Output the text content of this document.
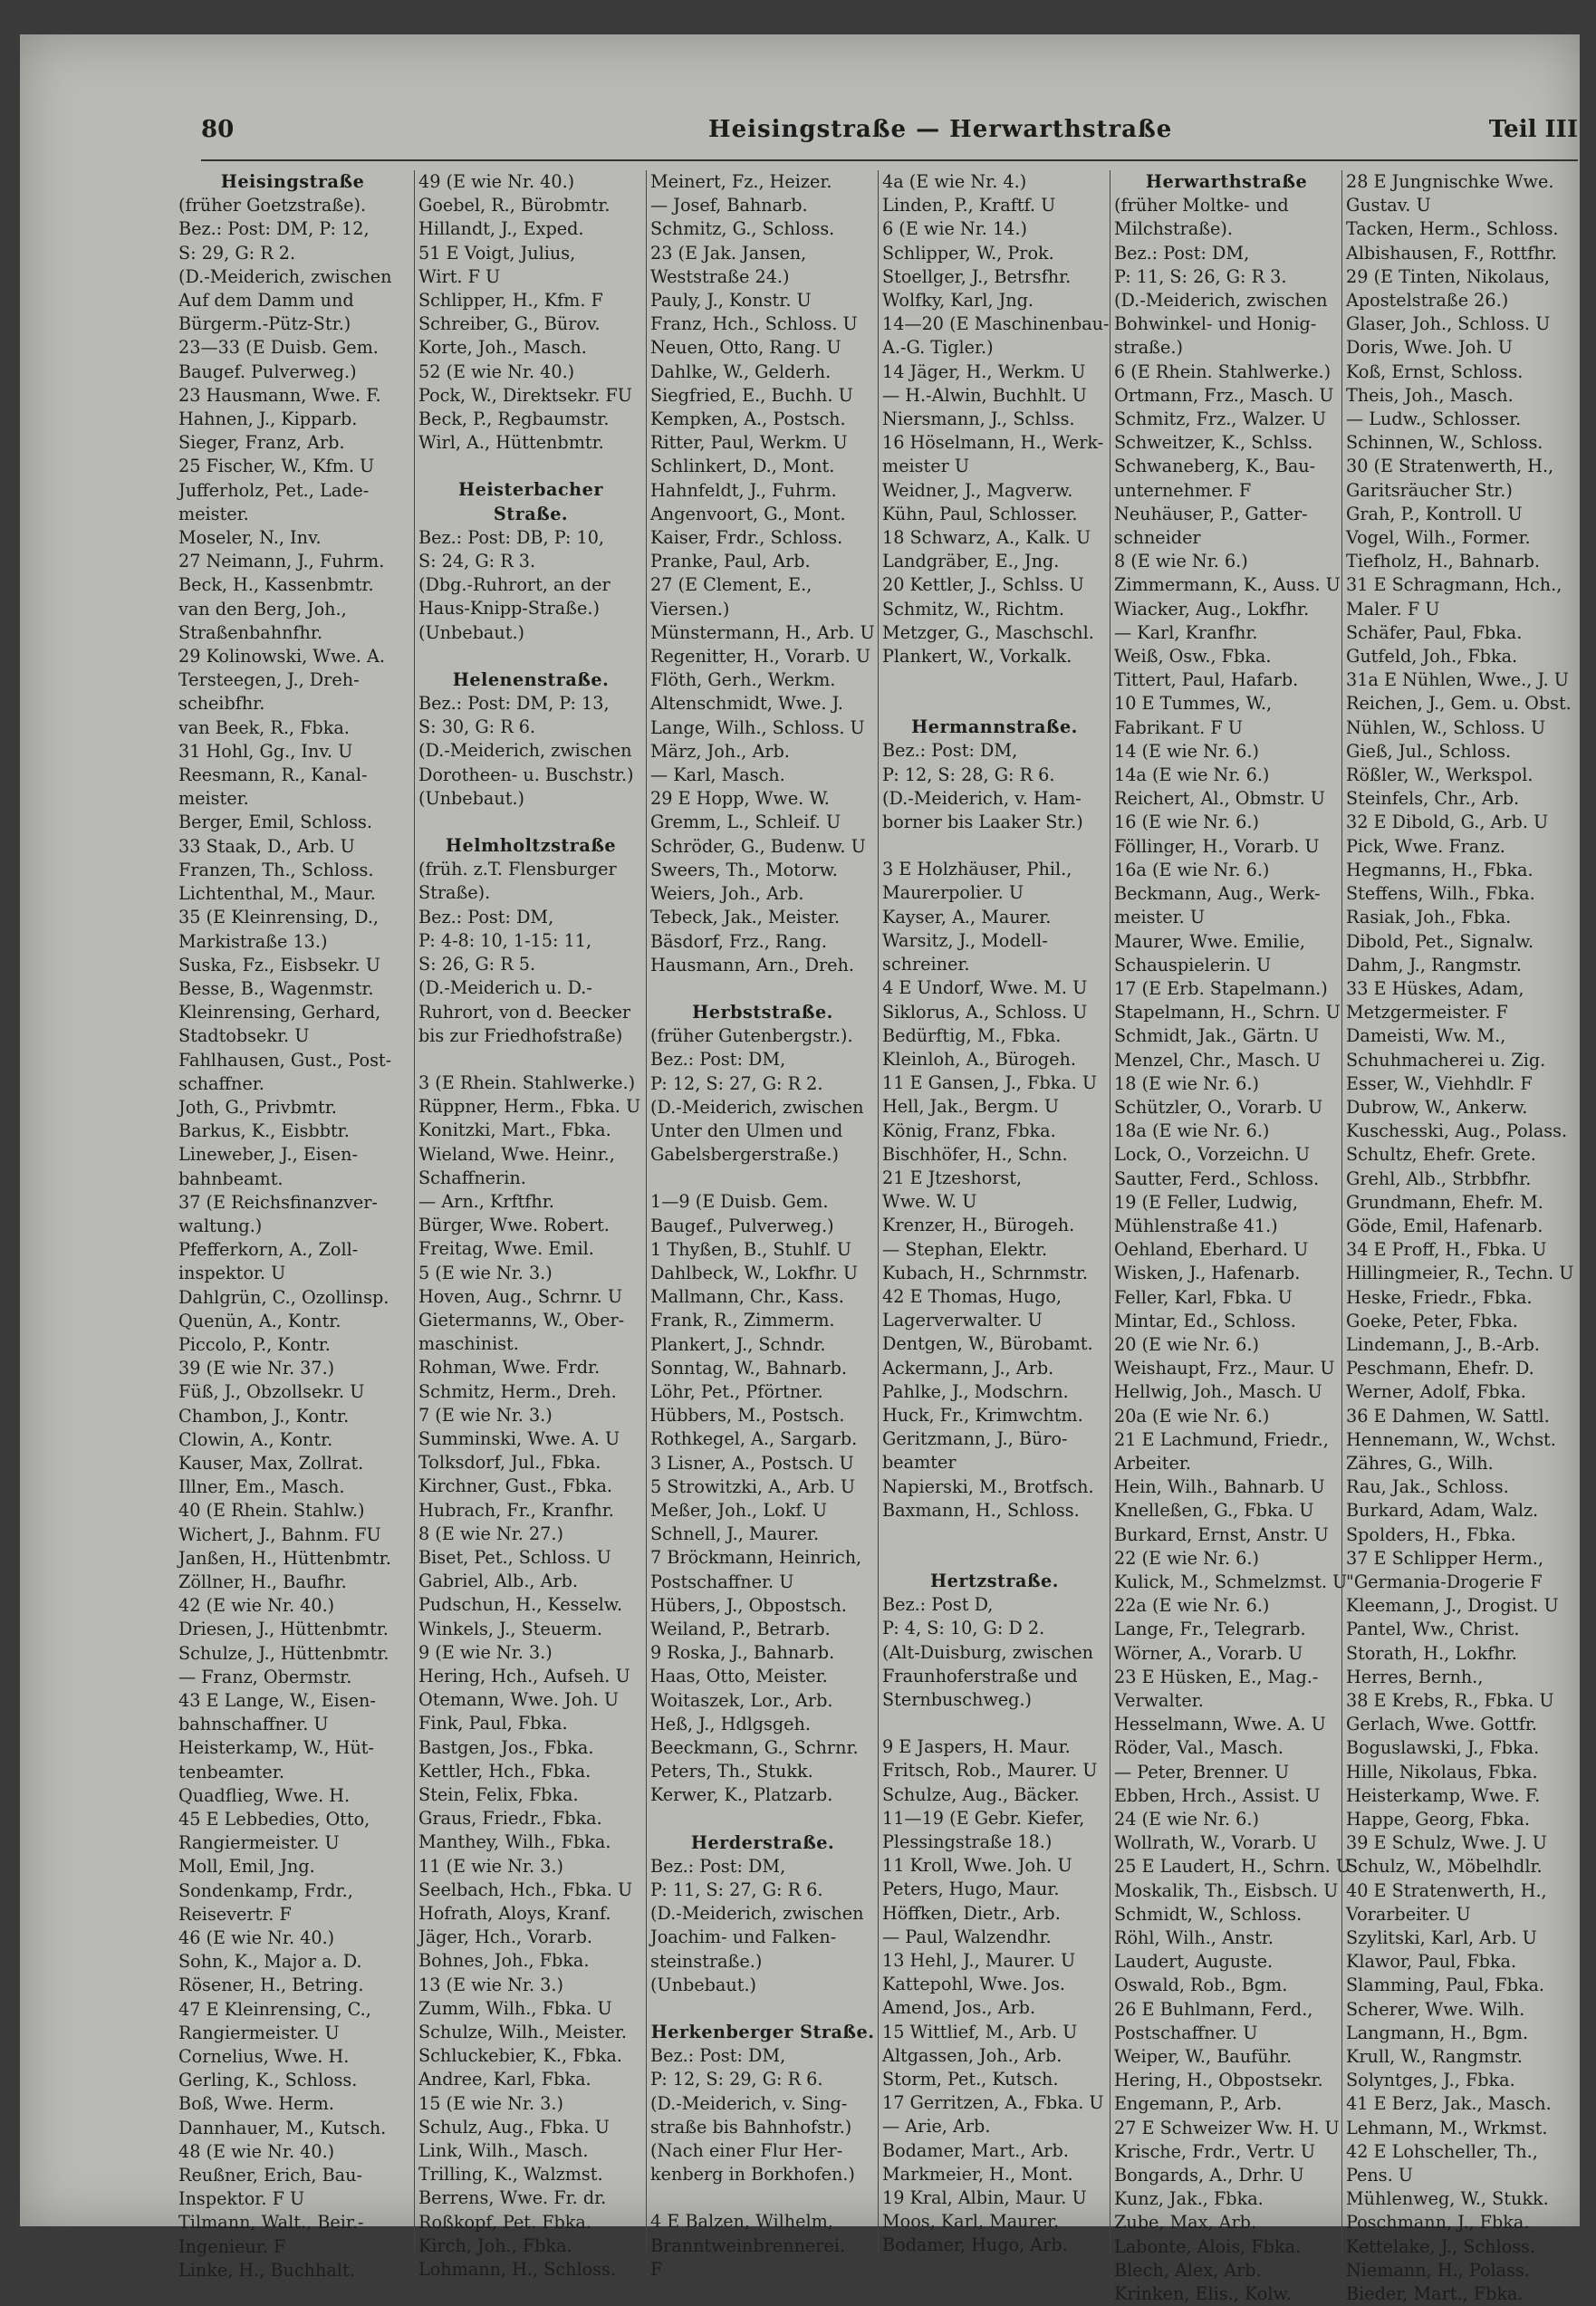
80	Heisingstraße — Herwarthstraße	Teil III
Heisingstraße
(früher Goetzstraße).
Bez.: Post: DM, P: 12,
S: 29, G: R 2.
(D.-Meiderich, zwischen
Auf dem Damm und
Bürgerm.-Pütz-Str.)
23—33 (E Duisb. Gem.
Baugef. Pulverweg.)
23 Hausmann, Wwe. F.
Hahnen, J., Kipparb.
Sieger, Franz, Arb.
25 Fischer, W., Kfm. U
Jufferholz, Pet., Lade-
meister.
Moseler, N., Inv.
27 Neimann, J., Fuhrm.
Beck, H., Kassenbmtr.
van den Berg, Joh.,
Straßenbahnfhr.
29 Kolinowski, Wwe. A.
Tersteegen, J., Dreh-
scheibfhr.
van Beek, R., Fbka.
31 Hohl, Gg., Inv. U
Reesmann, R., Kanal-
meister.
Berger, Emil, Schloss.
33 Staak, D., Arb. U
Franzen, Th., Schloss.
Lichtenthal, M., Maur.
35 (E Kleinrensing, D.,
Markistraße 13.)
Suska, Fz., Eisbsekr. U
Besse, B., Wagenmstr.
Kleinrensing, Gerhard,
Stadtobsekr. U
Fahlhausen, Gust., Post-
schaffner.
Joth, G., Privbmtr.
Barkus, K., Eisbbtr.
Lineweber, J., Eisen-
bahnbeamt.
37 (E Reichsfinanzver-
waltung.)
Pfefferkorn, A., Zoll-
inspektor. U
Dahlgrün, C., Ozollinsp.
Quenün, A., Kontr.
Piccolo, P., Kontr.
39 (E wie Nr. 37.)
Füß, J., Obzollsekr. U
Chambon, J., Kontr.
Clowin, A., Kontr.
Kauser, Max, Zollrat.
Illner, Em., Masch.
40 (E Rhein. Stahlw.)
Wichert, J., Bahnm. FU
Janßen, H., Hüttenbmtr.
Zöllner, H., Baufhr.
42 (E wie Nr. 40.)
Driesen, J., Hüttenbmtr.
Schulze, J., Hüttenbmtr.
— Franz, Obermstr.
43 E Lange, W., Eisen-
bahnschaffner. U
Heisterkamp, W., Hüt-
tenbeamter.
Quadflieg, Wwe. H.
45 E Lebbedies, Otto,
Rangiermeister. U
Moll, Emil, Jng.
Sondenkamp, Frdr.,
Reisevertr. F
46 (E wie Nr. 40.)
Sohn, K., Major a. D.
Rösener, H., Betring.
47 E Kleinrensing, C.,
Rangiermeister. U
Cornelius, Wwe. H.
Gerling, K., Schloss.
Boß, Wwe. Herm.
Dannhauer, M., Kutsch.
48 (E wie Nr. 40.)
Reußner, Erich, Bau-
Inspektor. F U
Tilmann, Walt., Beir.-
Ingenieur. F
Linke, H., Buchhalt.
49 (E wie Nr. 40.)
Goebel, R., Bürobmtr.
Hillandt, J., Exped.
51 E Voigt, Julius,
Wirt. F U
Schlipper, H., Kfm. F
Schreiber, G., Bürov.
Korte, Joh., Masch.
52 (E wie Nr. 40.)
Pock, W., Direktsekr. FU
Beck, P., Regbaumstr.
Wirl, A., Hüttenbmtr.
Heisterbacher Straße.
Bez.: Post: DB, P: 10,
S: 24, G: R 3.
(Dbg.-Ruhrort, an der
Haus-Knipp-Straße.)
(Unbebaut.)
Helenenstraße.
Bez.: Post: DM, P: 13,
S: 30, G: R 6.
(D.-Meiderich, zwischen
Dorotheen- u. Buschstr.)
(Unbebaut.)
Helmholtzstraße
(früh. z.T. Flensburger
Straße).
Bez.: Post: DM,
P: 4-8: 10, 1-15: 11,
S: 26, G: R 5.
(D.-Meiderich u. D.-
Ruhrort, von d. Beecker
bis zur Friedhofstraße)
3 (E Rhein. Stahlwerke.)
Rüppner, Herm., Fbka. U
Konitzki, Mart., Fbka.
Wieland, Wwe. Heinr.,
Schaffnerin.
— Arn., Krftfhr.
Bürger, Wwe. Robert.
Freitag, Wwe. Emil.
5 (E wie Nr. 3.)
Hoven, Aug., Schrnr. U
Gietermanns, W., Ober-
maschinist.
Rohman, Wwe. Frdr.
Schmitz, Herm., Dreh.
7 (E wie Nr. 3.)
Summinski, Wwe. A. U
Tolksdorf, Jul., Fbka.
Kirchner, Gust., Fbka.
Hubrach, Fr., Kranfhr.
8 (E wie Nr. 27.)
Biset, Pet., Schloss. U
Gabriel, Alb., Arb.
Pudschun, H., Kesselw.
Winkels, J., Steuerm.
9 (E wie Nr. 3.)
Hering, Hch., Aufseh. U
Otemann, Wwe. Joh. U
Fink, Paul, Fbka.
Bastgen, Jos., Fbka.
Kettler, Hch., Fbka.
Stein, Felix, Fbka.
Graus, Friedr., Fbka.
Manthey, Wilh., Fbka.
11 (E wie Nr. 3.)
Seelbach, Hch., Fbka. U
Hofrath, Aloys, Kranf.
Jäger, Hch., Vorarb.
Bohnes, Joh., Fbka.
13 (E wie Nr. 3.)
Zumm, Wilh., Fbka. U
Schulze, Wilh., Meister.
Schluckebier, K., Fbka.
Andree, Karl, Fbka.
15 (E wie Nr. 3.)
Schulz, Aug., Fbka. U
Link, Wilh., Masch.
Trilling, K., Walzmst.
Berrens, Wwe. Fr. dr.
Roßkopf, Pet. Fbka.
Kirch, Joh., Fbka.
Lohmann, H., Schloss.
Meinert, Fz., Heizer.
— Josef, Bahnarb.
Schmitz, G., Schloss.
23 (E Jak. Jansen,
Weststraße 24.)
Pauly, J., Konstr. U
Franz, Hch., Schloss. U
Neuen, Otto, Rang. U
Dahlke, W., Gelderh.
Siegfried, E., Buchh. U
Kempken, A., Postsch.
Ritter, Paul, Werkm. U
Schlinkert, D., Mont.
Hahnfeldt, J., Fuhrm.
Angenvoort, G., Mont.
Kaiser, Frdr., Schloss.
Pranke, Paul, Arb.
27 (E Clement, E.,
Viersen.)
Münstermann, H., Arb. U
Regenitter, H., Vorarb. U
Flöth, Gerh., Werkm.
Altenschmidt, Wwe. J.
Lange, Wilh., Schloss. U
März, Joh., Arb.
— Karl, Masch.
29 E Hopp, Wwe. W.
Gremm, L., Schleif. U
Schröder, G., Budenw. U
Sweers, Th., Motorw.
Weiers, Joh., Arb.
Tebeck, Jak., Meister.
Bäsdorf, Frz., Rang.
Hausmann, Arn., Dreh.
Herbststraße.
(früher Gutenbergstr.).
Bez.: Post: DM,
P: 12, S: 27, G: R 2.
(D.-Meiderich, zwischen
Unter den Ulmen und
Gabelsbergerstraße.)
1—9 (E Duisb. Gem.
Baugef., Pulverweg.)
1 Thyßen, B., Stuhlf. U
Dahlbeck, W., Lokfhr. U
Mallmann, Chr., Kass.
Frank, R., Zimmerm.
Plankert, J., Schndr.
Sonntag, W., Bahnarb.
Löhr, Pet., Pförtner.
Hübbers, M., Postsch.
Rothkegel, A., Sargarb.
3 Lisner, A., Postsch. U
5 Strowitzki, A., Arb. U
Meßer, Joh., Lokf. U
Schnell, J., Maurer.
7 Bröckmann, Heinrich,
Postschaffner. U
Hübers, J., Obpostsch.
Weiland, P., Betrarb.
9 Roska, J., Bahnarb.
Haas, Otto, Meister.
Woitaszek, Lor., Arb.
Heß, J., Hdlgsgeh.
Beeckmann, G., Schrnr.
Peters, Th., Stukk.
Kerwer, K., Platzarb.
Herderstraße.
Bez.: Post: DM,
P: 11, S: 27, G: R 6.
(D.-Meiderich, zwischen
Joachim- und Falken-
steinstraße.)
(Unbebaut.)
Herkenberger Straße.
Bez.: Post: DM,
P: 12, S: 29, G: R 6.
(D.-Meiderich, v. Sing-
straße bis Bahnhofstr.)
(Nach einer Flur Her-
kenberg in Borkhofen.)
4 E Balzen, Wilhelm,
Branntweinbrennerei.
F
4a (E wie Nr. 4.)
Linden, P., Kraftf. U
6 (E wie Nr. 14.)
Schlipper, W., Prok.
Stoellger, J., Betrsfhr.
Wolfky, Karl, Jng.
14—20 (E Maschinenbau-
A.-G. Tigler.)
14 Jäger, H., Werkm. U
— H.-Alwin, Buchhlt. U
Niersmann, J., Schlss.
16 Höselmann, H., Werk-
meister U
Weidner, J., Magverw.
Kühn, Paul, Schlosser.
18 Schwarz, A., Kalk. U
Landgräber, E., Jng.
20 Kettler, J., Schlss. U
Schmitz, W., Richtm.
Metzger, G., Maschschl.
Plankert, W., Vorkalk.
Hermannstraße.
Bez.: Post: DM,
P: 12, S: 28, G: R 6.
(D.-Meiderich, v. Ham-
borner bis Laaker Str.)
3 E Holzhäuser, Phil.,
Maurerpolier. U
Kayser, A., Maurer.
Warsitz, J., Modell-
schreiner.
4 E Undorf, Wwe. M. U
Siklorus, A., Schloss. U
Bedürftig, M., Fbka.
Kleinloh, A., Bürogeh.
11 E Gansen, J., Fbka. U
Hell, Jak., Bergm. U
König, Franz, Fbka.
Bischhöfer, H., Schn.
21 E Jtzeshorst,
Wwe. W. U
Krenzer, H., Bürogeh.
— Stephan, Elektr.
Kubach, H., Schrnmstr.
42 E Thomas, Hugo,
Lagerverwalter. U
Dentgen, W., Bürobamt.
Ackermann, J., Arb.
Pahlke, J., Modschrn.
Huck, Fr., Krimwchtm.
Geritzmann, J., Büro-
beamter
Napierski, M., Brotfsch.
Baxmann, H., Schloss.
Hertzstraße.
Bez.: Post D,
P: 4, S: 10, G: D 2.
(Alt-Duisburg, zwischen
Fraunhoferstraße und
Sternbuschweg.)
9 E Jaspers, H. Maur.
Fritsch, Rob., Maurer. U
Schulze, Aug., Bäcker.
11—19 (E Gebr. Kiefer,
Plessingstraße 18.)
11 Kroll, Wwe. Joh. U
Peters, Hugo, Maur.
Höffken, Dietr., Arb.
— Paul, Walzendhr.
13 Hehl, J., Maurer. U
Kattepohl, Wwe. Jos.
Amend, Jos., Arb.
15 Wittlief, M., Arb. U
Altgassen, Joh., Arb.
Storm, Pet., Kutsch.
17 Gerritzen, A., Fbka. U
— Arie, Arb.
Bodamer, Mart., Arb.
Markmeier, H., Mont.
19 Kral, Albin, Maur. U
Moos, Karl, Maurer.
Bodamer, Hugo, Arb.
Herwarthstraße
(früher Moltke- und
Milchstraße).
Bez.: Post: DM,
P: 11, S: 26, G: R 3.
(D.-Meiderich, zwischen
Bohwinkel- und Honig-
straße.)
6 (E Rhein. Stahlwerke.)
Ortmann, Frz., Masch. U
Schmitz, Frz., Walzer. U
Schweitzer, K., Schlss.
Schwaneberg, K., Bau-
unternehmer. F
Neuhäuser, P., Gatter-
schneider
8 (E wie Nr. 6.)
Zimmermann, K., Auss. U
Wiacker, Aug., Lokfhr.
— Karl, Kranfhr.
Weiß, Osw., Fbka.
Tittert, Paul, Hafarb.
10 E Tummes, W.,
Fabrikant. F U
14 (E wie Nr. 6.)
14a (E wie Nr. 6.)
Reichert, Al., Obmstr. U
16 (E wie Nr. 6.)
Föllinger, H., Vorarb. U
16a (E wie Nr. 6.)
Beckmann, Aug., Werk-
meister. U
Maurer, Wwe. Emilie,
Schauspielerin. U
17 (E Erb. Stapelmann.)
Stapelmann, H., Schrn. U
Schmidt, Jak., Gärtn. U
Menzel, Chr., Masch. U
18 (E wie Nr. 6.)
Schützler, O., Vorarb. U
18a (E wie Nr. 6.)
Lock, O., Vorzeichn. U
Sautter, Ferd., Schloss.
19 (E Feller, Ludwig,
Mühlenstraße 41.)
Oehland, Eberhard. U
Wisken, J., Hafenarb.
Feller, Karl, Fbka. U
Mintar, Ed., Schloss.
20 (E wie Nr. 6.)
Weishaupt, Frz., Maur. U
Hellwig, Joh., Masch. U
20a (E wie Nr. 6.)
21 E Lachmund, Friedr.,
Arbeiter.
Hein, Wilh., Bahnarb. U
Knelleßen, G., Fbka. U
Burkard, Ernst, Anstr. U
22 (E wie Nr. 6.)
Kulick, M., Schmelzmst. U
22a (E wie Nr. 6.)
Lange, Fr., Telegrarb.
Wörner, A., Vorarb. U
23 E Hüsken, E., Mag.-
Verwalter.
Hesselmann, Wwe. A. U
Röder, Val., Masch.
— Peter, Brenner. U
Ebben, Hrch., Assist. U
24 (E wie Nr. 6.)
Wollrath, W., Vorarb. U
25 E Laudert, H., Schrn. U
Moskalik, Th., Eisbsch. U
Schmidt, W., Schloss.
Röhl, Wilh., Anstr.
Laudert, Auguste.
Oswald, Rob., Bgm.
26 E Buhlmann, Ferd.,
Postschaffner. U
Weiper, W., Bauführ.
Hering, H., Obpostsekr.
Engemann, P., Arb.
27 E Schweizer Ww. H. U
Krische, Frdr., Vertr. U
Bongards, A., Drhr. U
Kunz, Jak., Fbka.
Zube, Max, Arb.
Labonte, Alois, Fbka.
Blech, Alex, Arb.
Krinken, Elis., Kolw.
28 E Jungnischke Wwe.
Gustav. U
Tacken, Herm., Schloss.
Albishausen, F., Rottfhr.
29 (E Tinten, Nikolaus,
Apostelstraße 26.)
Glaser, Joh., Schloss. U
Doris, Wwe. Joh. U
Koß, Ernst, Schloss.
Theis, Joh., Masch.
— Ludw., Schlosser.
Schinnen, W., Schloss.
30 (E Stratenwerth, H.,
Garitsräucher Str.)
Grah, P., Kontroll. U
Vogel, Wilh., Former.
Tiefholz, H., Bahnarb.
31 E Schragmann, Hch.,
Maler. F U
Schäfer, Paul, Fbka.
Gutfeld, Joh., Fbka.
31a E Nühlen, Wwe., J. U
Reichen, J., Gem. u. Obst.
Nühlen, W., Schloss. U
Gieß, Jul., Schloss.
Rößler, W., Werkspol.
Steinfels, Chr., Arb.
32 E Dibold, G., Arb. U
Pick, Wwe. Franz.
Hegmanns, H., Fbka.
Steffens, Wilh., Fbka.
Rasiak, Joh., Fbka.
Dibold, Pet., Signalw.
Dahm, J., Rangmstr.
33 E Hüskes, Adam,
Metzgermeister. F
Dameisti, Ww. M.,
Schuhmacherei u. Zig.
Esser, W., Viehhdlr. F
Dubrow, W., Ankerw.
Kuschesski, Aug., Polass.
Schultz, Ehefr. Grete.
Grehl, Alb., Strbbfhr.
Grundmann, Ehefr. M.
Göde, Emil, Hafenarb.
34 E Proff, H., Fbka. U
Hillingmeier, R., Techn. U
Heske, Friedr., Fbka.
Goeke, Peter, Fbka.
Lindemann, J., B.-Arb.
Peschmann, Ehefr. D.
Werner, Adolf, Fbka.
36 E Dahmen, W. Sattl.
Hennemann, W., Wchst.
Zähres, G., Wilh.
Rau, Jak., Schloss.
Burkard, Adam, Walz.
Spolders, H., Fbka.
37 E Schlipper Herm.,
"Germania-Drogerie F
Kleemann, J., Drogist. U
Pantel, Ww., Christ.
Storath, H., Lokfhr.
Herres, Bernh.,
38 E Krebs, R., Fbka. U
Gerlach, Wwe. Gottfr.
Boguslawski, J., Fbka.
Hille, Nikolaus, Fbka.
Heisterkamp, Wwe. F.
Happe, Georg, Fbka.
39 E Schulz, Wwe. J. U
Schulz, W., Möbelhdlr.
40 E Stratenwerth, H.,
Vorarbeiter. U
Szylitski, Karl, Arb. U
Klawor, Paul, Fbka.
Slamming, Paul, Fbka.
Scherer, Wwe. Wilh.
Langmann, H., Bgm.
Krull, W., Rangmstr.
Solyntges, J., Fbka.
41 E Berz, Jak., Masch.
Lehmann, M., Wrkmst.
42 E Lohscheller, Th.,
Pens. U
Mühlenweg, W., Stukk.
Poschmann, J., Fbka.
Kettelake, J., Schloss.
Niemann, H., Polass.
Bieder, Mart., Fbka.
